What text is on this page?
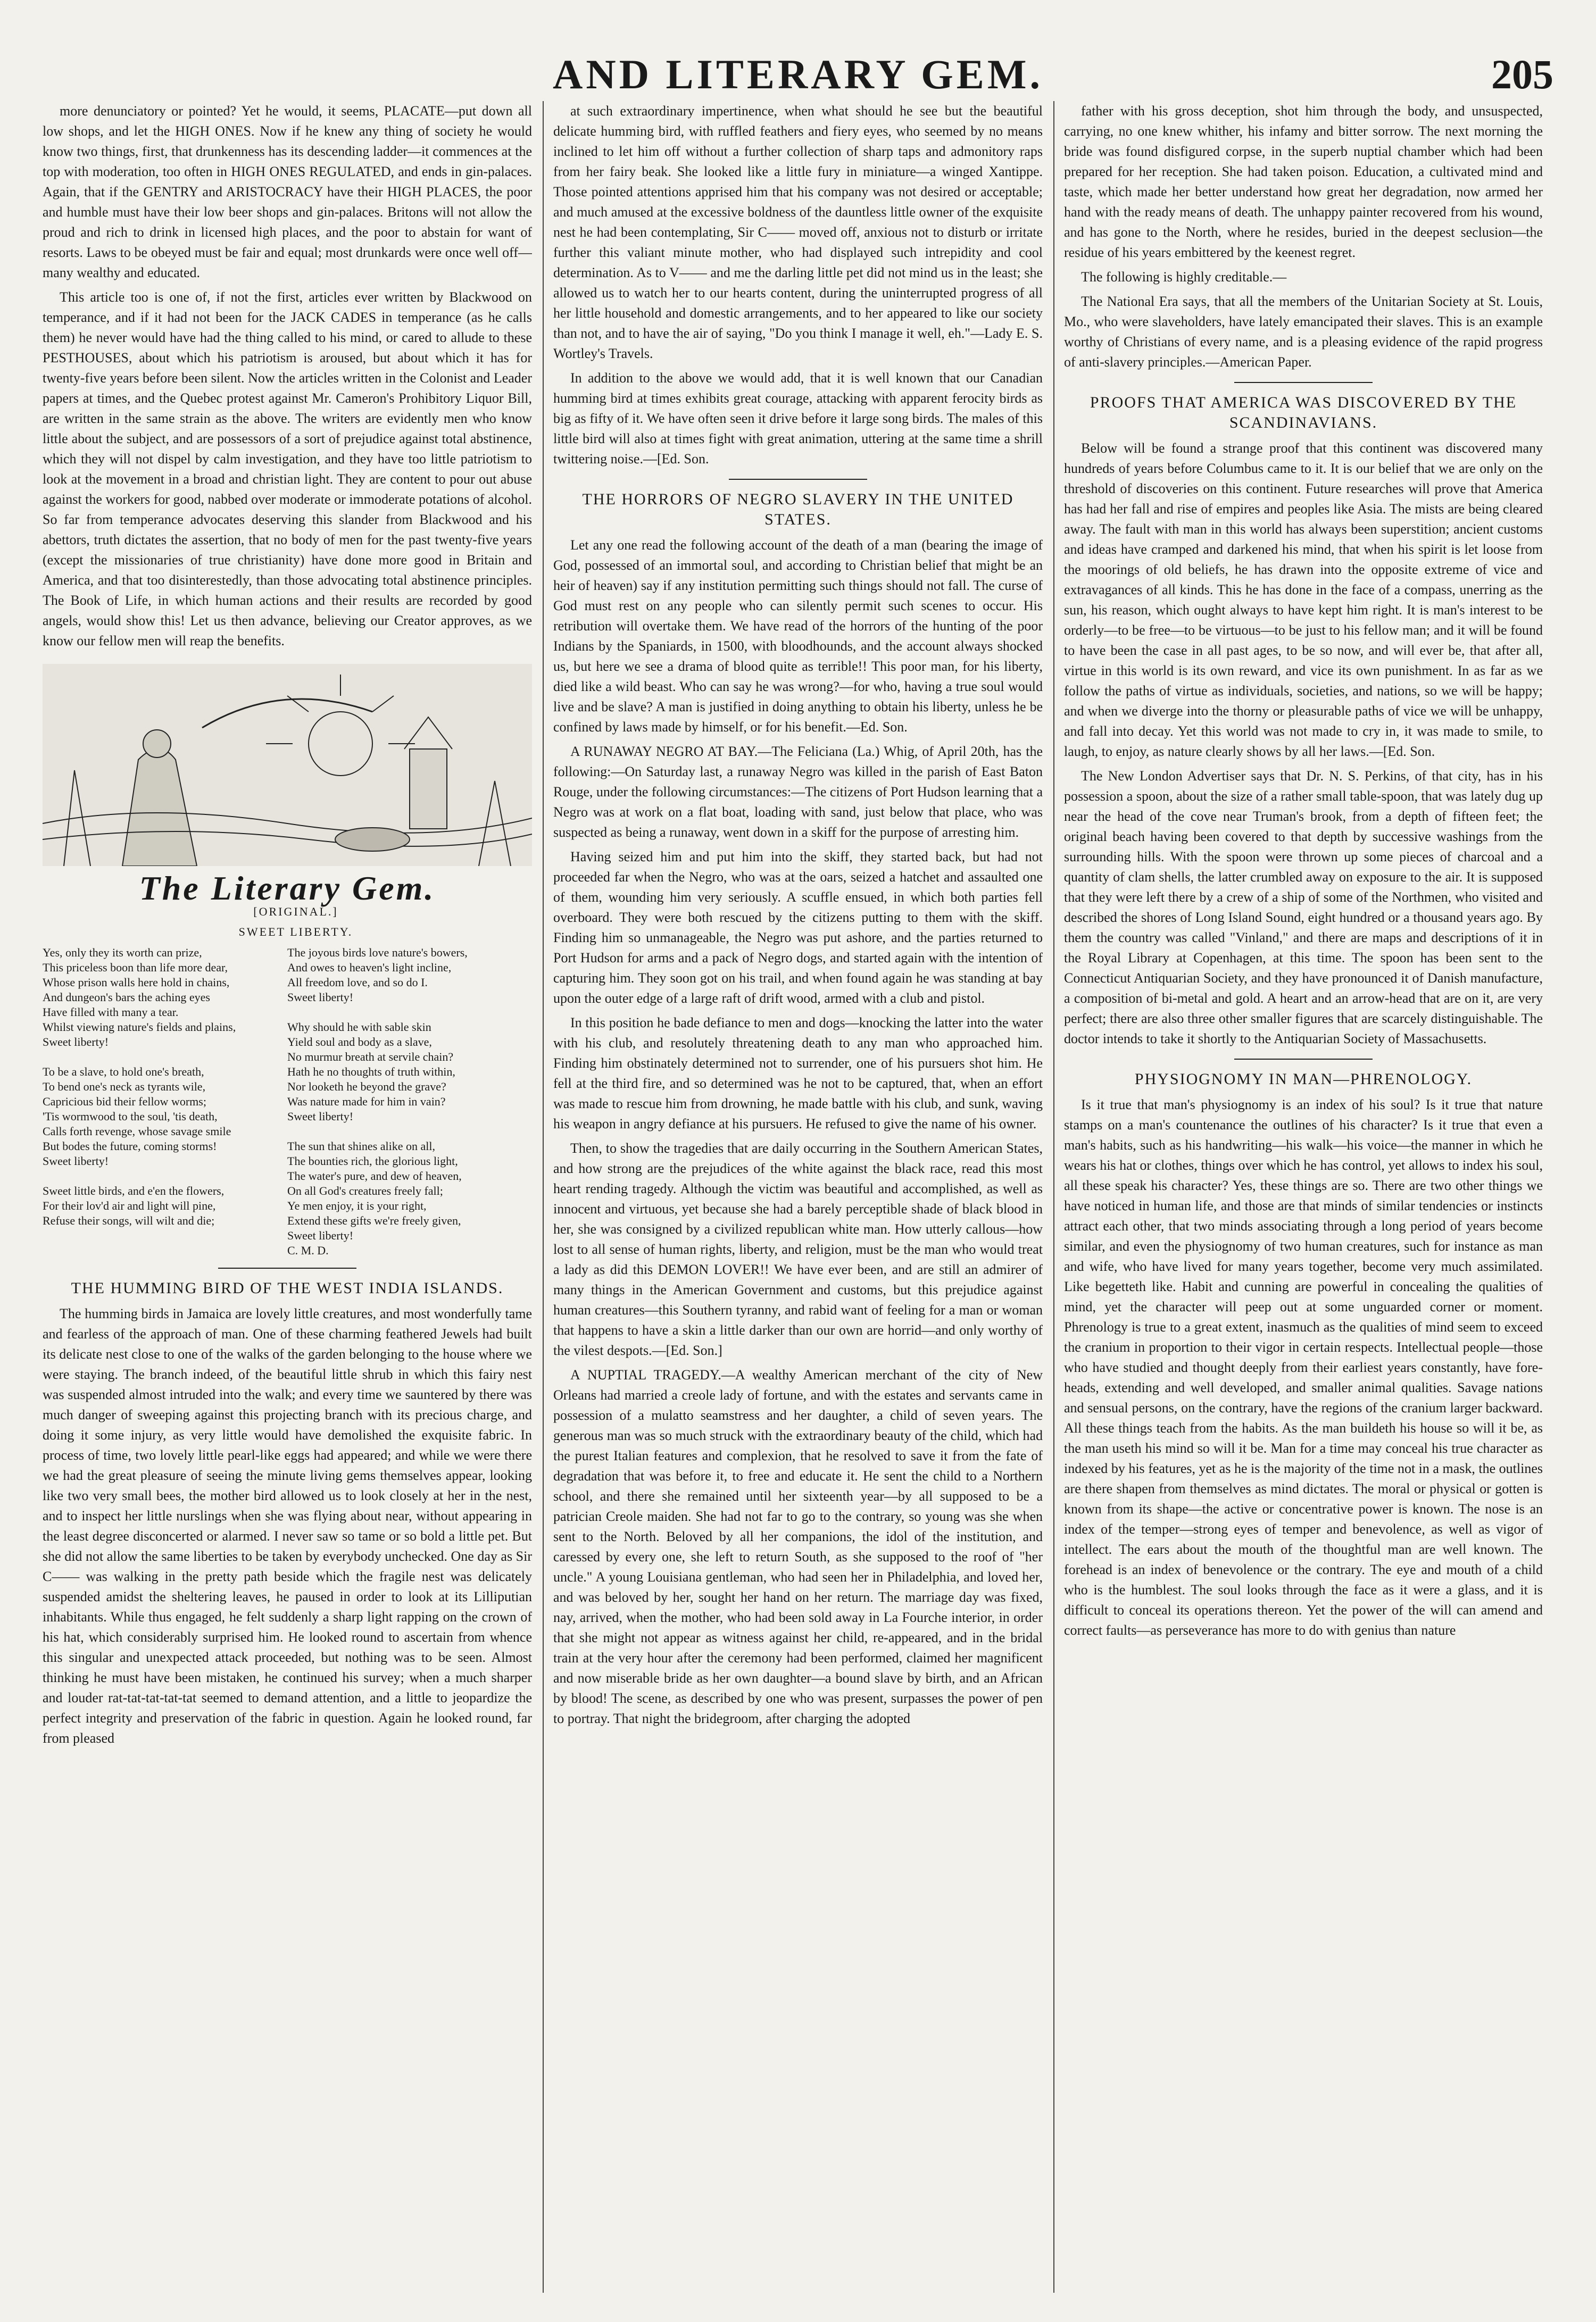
AND LITERARY GEM.	205

more denunciatory or pointed? Yet he would, it seems, PLACATE—put down all low shops, and let the HIGH ONES. Now if he knew any thing of society he would know two things, first, that drunkenness has its descending ladder—it commences at the top with moderation, too often in HIGH ONES REGULATED, and ends in gin-palaces. Again, that if the GENTRY and ARISTOCRACY have their HIGH PLACES, the poor and humble must have their low beer shops and gin-palaces. Britons will not allow the proud and rich to drink in licensed high places, and the poor to abstain for want of resorts. Laws to be obeyed must be fair and equal; most drunkards were once well off—many wealthy and educated.

This article too is one of, if not the first, articles ever written by Blackwood on temperance, and if it had not been for the JACK CADES in temperance (as he calls them) he never would have had the thing called to his mind, or cared to allude to these PESTHOUSES, about which his patriotism is aroused, but about which it has for twenty-five years before been silent. Now the articles written in the Colonist and Leader papers at times, and the Quebec protest against Mr. Cameron's Prohibitory Liquor Bill, are written in the same strain as the above. The writers are evidently men who know little about the subject, and are possessors of a sort of prejudice against total abstinence, which they will not dispel by calm investigation, and they have too little patriotism to look at the movement in a broad and christian light. They are content to pour out abuse against the workers for good, nabbed over moderate or immoderate potations of alcohol. So far from temperance advocates deserving this slander from Blackwood and his abettors, truth dictates the assertion, that no body of men for the past twenty-five years (except the missionaries of true christianity) have done more good in Britain and America, and that too disinterestedly, than those advocating total abstinence principles. The Book of Life, in which human actions and their results are recorded by good angels, would show this! Let us then advance, believing our Creator approves, as we know our fellow men will reap the benefits.

The Literary Gem.

[ORIGINAL.]

SWEET LIBERTY.

Yes, only they its worth can prize,
This priceless boon than life more dear,
Whose prison walls here hold in chains,
And dungeon's bars the aching eyes
Have filled with many a tear.
Whilst viewing nature's fields and plains,
Sweet liberty!

To be a slave, to hold one's breath,
To bend one's neck as tyrants wile,
Capricious bid their fellow worms;
'Tis wormwood to the soul, 'tis death,
Calls forth revenge, whose savage smile
But bodes the future, coming storms!
Sweet liberty!

Sweet little birds, and e'en the flowers,
For their lov'd air and light will pine,
Refuse their songs, will wilt and die;
The joyous birds love nature's bowers,
And owes to heaven's light incline,
All freedom love, and so do I.
Sweet liberty!

Why should he with sable skin
Yield soul and body as a slave,
No murmur breath at servile chain?
Hath he no thoughts of truth within,
Nor looketh he beyond the grave?
Was nature made for him in vain?
Sweet liberty!

The sun that shines alike on all,
The bounties rich, the glorious light,
The water's pure, and dew of heaven,
On all God's creatures freely fall;
Ye men enjoy, it is your right,
Extend these gifts we're freely given,
Sweet liberty!
C. M. D.

THE HUMMING BIRD OF THE WEST INDIA ISLANDS.

The humming birds in Jamaica are lovely little creatures, and most wonderfully tame and fearless of the approach of man. One of these charming feathered Jewels had built its delicate nest close to one of the walks of the garden belonging to the house where we were staying. The branch indeed, of the beautiful little shrub in which this fairy nest was suspended almost intruded into the walk; and every time we sauntered by there was much danger of sweeping against this projecting branch with its precious charge, and doing it some injury, as very little would have demolished the exquisite fabric. In process of time, two lovely little pearl-like eggs had appeared; and while we were there we had the great pleasure of seeing the minute living gems themselves appear, looking like two very small bees, the mother bird allowed us to look closely at her in the nest, and to inspect her little nurslings when she was flying about near, without appearing in the least degree disconcerted or alarmed. I never saw so tame or so bold a little pet. But she did not allow the same liberties to be taken by everybody unchecked. One day as Sir C—— was walking in the pretty path beside which the fragile nest was delicately suspended amidst the sheltering leaves, he paused in order to look at its Lilliputian inhabitants. While thus engaged, he felt suddenly a sharp light rapping on the crown of his hat, which considerably surprised him. He looked round to ascertain from whence this singular and unexpected attack proceeded, but nothing was to be seen. Almost thinking he must have been mistaken, he continued his survey; when a much sharper and louder rat-tat-tat-tat-tat seemed to demand attention, and a little to jeopardize the perfect integrity and preservation of the fabric in question. Again he looked round, far from pleased

at such extraordinary impertinence, when what should he see but the beautiful delicate humming bird, with ruffled feathers and fiery eyes, who seemed by no means inclined to let him off without a further collection of sharp taps and admonitory raps from her fairy beak. She looked like a little fury in miniature—a winged Xantippe. Those pointed attentions apprised him that his company was not desired or acceptable; and much amused at the excessive boldness of the dauntless little owner of the exquisite nest he had been contemplating, Sir C—— moved off, anxious not to disturb or irritate further this valiant minute mother, who had displayed such intrepidity and cool determination. As to V—— and me the darling little pet did not mind us in the least; she allowed us to watch her to our hearts content, during the uninterrupted progress of all her little household and domestic arrangements, and to her appeared to like our society than not, and to have the air of saying, "Do you think I manage it well, eh."—Lady E. S. Wortley's Travels.

In addition to the above we would add, that it is well known that our Canadian humming bird at times exhibits great courage, attacking with apparent ferocity birds as big as fifty of it. We have often seen it drive before it large song birds. The males of this little bird will also at times fight with great animation, uttering at the same time a shrill twittering noise.—[Ed. Son.

THE HORRORS OF NEGRO SLAVERY IN THE UNITED STATES.

Let any one read the following account of the death of a man (bearing the image of God, possessed of an immortal soul, and according to Christian belief that might be an heir of heaven) say if any institution permitting such things should not fall. The curse of God must rest on any people who can silently permit such scenes to occur. His retribution will overtake them. We have read of the horrors of the hunting of the poor Indians by the Spaniards, in 1500, with bloodhounds, and the account always shocked us, but here we see a drama of blood quite as terrible!! This poor man, for his liberty, died like a wild beast. Who can say he was wrong?—for who, having a true soul would live and be slave? A man is justified in doing anything to obtain his liberty, unless he be confined by laws made by himself, or for his benefit.—Ed. Son.

A RUNAWAY NEGRO AT BAY.—The Feliciana (La.) Whig, of April 20th, has the following:—On Saturday last, a runaway Negro was killed in the parish of East Baton Rouge, under the following circumstances:—The citizens of Port Hudson learning that a Negro was at work on a flat boat, loading with sand, just below that place, who was suspected as being a runaway, went down in a skiff for the purpose of arresting him.

Having seized him and put him into the skiff, they started back, but had not proceeded far when the Negro, who was at the oars, seized a hatchet and assaulted one of them, wounding him very seriously. A scuffle ensued, in which both parties fell overboard. They were both rescued by the citizens putting to them with the skiff. Finding him so unmanageable, the Negro was put ashore, and the parties returned to Port Hudson for arms and a pack of Negro dogs, and started again with the intention of capturing him. They soon got on his trail, and when found again he was standing at bay upon the outer edge of a large raft of drift wood, armed with a club and pistol.

In this position he bade defiance to men and dogs—knocking the latter into the water with his club, and resolutely threatening death to any man who approached him. Finding him obstinately determined not to surrender, one of his pursuers shot him. He fell at the third fire, and so determined was he not to be captured, that, when an effort was made to rescue him from drowning, he made battle with his club, and sunk, waving his weapon in angry defiance at his pursuers. He refused to give the name of his owner.

Then, to show the tragedies that are daily occurring in the Southern American States, and how strong are the prejudices of the white against the black race, read this most heart rending tragedy. Although the victim was beautiful and accomplished, as well as innocent and virtuous, yet because she had a barely perceptible shade of black blood in her, she was consigned by a civilized republican white man. How utterly callous—how lost to all sense of human rights, liberty, and religion, must be the man who would treat a lady as did this DEMON LOVER!! We have ever been, and are still an admirer of many things in the American Government and customs, but this prejudice against human creatures—this Southern tyranny, and rabid want of feeling for a man or woman that happens to have a skin a little darker than our own are horrid—and only worthy of the vilest despots.—[Ed. Son.]

A NUPTIAL TRAGEDY.—A wealthy American merchant of the city of New Orleans had married a creole lady of fortune, and with the estates and servants came in possession of a mulatto seamstress and her daughter, a child of seven years. The generous man was so much struck with the extraordinary beauty of the child, which had the purest Italian features and complexion, that he resolved to save it from the fate of degradation that was before it, to free and educate it. He sent the child to a Northern school, and there she remained until her sixteenth year—by all supposed to be a patrician Creole maiden. She had not far to go to the contrary, so young was she when sent to the North. Beloved by all her companions, the idol of the institution, and caressed by every one, she left to return South, as she supposed to the roof of "her uncle." A young Louisiana gentleman, who had seen her in Philadelphia, and loved her, and was beloved by her, sought her hand on her return. The marriage day was fixed, nay, arrived, when the mother, who had been sold away in La Fourche interior, in order that she might not appear as witness against her child, re-appeared, and in the bridal train at the very hour after the ceremony had been performed, claimed her magnificent and now miserable bride as her own daughter—a bound slave by birth, and an African by blood! The scene, as described by one who was present, surpasses the power of pen to portray. That night the bridegroom, after charging the adopted

father with his gross deception, shot him through the body, and unsuspected, carrying, no one knew whither, his infamy and bitter sorrow. The next morning the bride was found disfigured corpse, in the superb nuptial chamber which had been prepared for her reception. She had taken poison. Education, a cultivated mind and taste, which made her better understand how great her degradation, now armed her hand with the ready means of death. The unhappy painter recovered from his wound, and has gone to the North, where he resides, buried in the deepest seclusion—the residue of his years embittered by the keenest regret.

The following is highly creditable.—

The National Era says, that all the members of the Unitarian Society at St. Louis, Mo., who were slaveholders, have lately emancipated their slaves. This is an example worthy of Christians of every name, and is a pleasing evidence of the rapid progress of anti-slavery principles.—American Paper.

PROOFS THAT AMERICA WAS DISCOVERED BY THE SCANDINAVIANS.

Below will be found a strange proof that this continent was discovered many hundreds of years before Columbus came to it. It is our belief that we are only on the threshold of discoveries on this continent. Future researches will prove that America has had her fall and rise of empires and peoples like Asia. The mists are being cleared away. The fault with man in this world has always been superstition; ancient customs and ideas have cramped and darkened his mind, that when his spirit is let loose from the moorings of old beliefs, he has drawn into the opposite extreme of vice and extravagances of all kinds. This he has done in the face of a compass, unerring as the sun, his reason, which ought always to have kept him right. It is man's interest to be orderly—to be free—to be virtuous—to be just to his fellow man; and it will be found to have been the case in all past ages, to be so now, and will ever be, that after all, virtue in this world is its own reward, and vice its own punishment. In as far as we follow the paths of virtue as individuals, societies, and nations, so we will be happy; and when we diverge into the thorny or pleasurable paths of vice we will be unhappy, and fall into decay. Yet this world was not made to cry in, it was made to smile, to laugh, to enjoy, as nature clearly shows by all her laws.—[Ed. Son.

The New London Advertiser says that Dr. N. S. Perkins, of that city, has in his possession a spoon, about the size of a rather small table-spoon, that was lately dug up near the head of the cove near Truman's brook, from a depth of fifteen feet; the original beach having been covered to that depth by successive washings from the surrounding hills. With the spoon were thrown up some pieces of charcoal and a quantity of clam shells, the latter crumbled away on exposure to the air. It is supposed that they were left there by a crew of a ship of some of the Northmen, who visited and described the shores of Long Island Sound, eight hundred or a thousand years ago. By them the country was called "Vinland," and there are maps and descriptions of it in the Royal Library at Copenhagen, at this time. The spoon has been sent to the Connecticut Antiquarian Society, and they have pronounced it of Danish manufacture, a composition of bi-metal and gold. A heart and an arrow-head that are on it, are very perfect; there are also three other smaller figures that are scarcely distinguishable. The doctor intends to take it shortly to the Antiquarian Society of Massachusetts.

PHYSIOGNOMY IN MAN—PHRENOLOGY.

Is it true that man's physiognomy is an index of his soul? Is it true that nature stamps on a man's countenance the outlines of his character? Is it true that even a man's habits, such as his handwriting—his walk—his voice—the manner in which he wears his hat or clothes, things over which he has control, yet allows to index his soul, all these speak his character? Yes, these things are so. There are two other things we have noticed in human life, and those are that minds of similar tendencies or instincts attract each other, that two minds associating through a long period of years become similar, and even the physiognomy of two human creatures, such for instance as man and wife, who have lived for many years together, become very much assimilated. Like begetteth like. Habit and cunning are powerful in concealing the qualities of mind, yet the character will peep out at some unguarded corner or moment. Phrenology is true to a great extent, inasmuch as the qualities of mind seem to exceed the cranium in proportion to their vigor in certain respects. Intellectual people—those who have studied and thought deeply from their earliest years constantly, have fore-heads, extending and well developed, and smaller animal qualities. Savage nations and sensual persons, on the contrary, have the regions of the cranium larger backward. All these things teach from the habits. As the man buildeth his house so will it be, as the man useth his mind so will it be. Man for a time may conceal his true character as indexed by his features, yet as he is the majority of the time not in a mask, the outlines are there shapen from themselves as mind dictates. The moral or physical or gotten is known from its shape—the active or concentrative power is known. The nose is an index of the temper—strong eyes of temper and benevolence, as well as vigor of intellect. The ears about the mouth of the thoughtful man are well known. The forehead is an index of benevolence or the contrary. The eye and mouth of a child who is the humblest. The soul looks through the face as it were a glass, and it is difficult to conceal its operations thereon. Yet the power of the will can amend and correct faults—as perseverance has more to do with genius than nature
